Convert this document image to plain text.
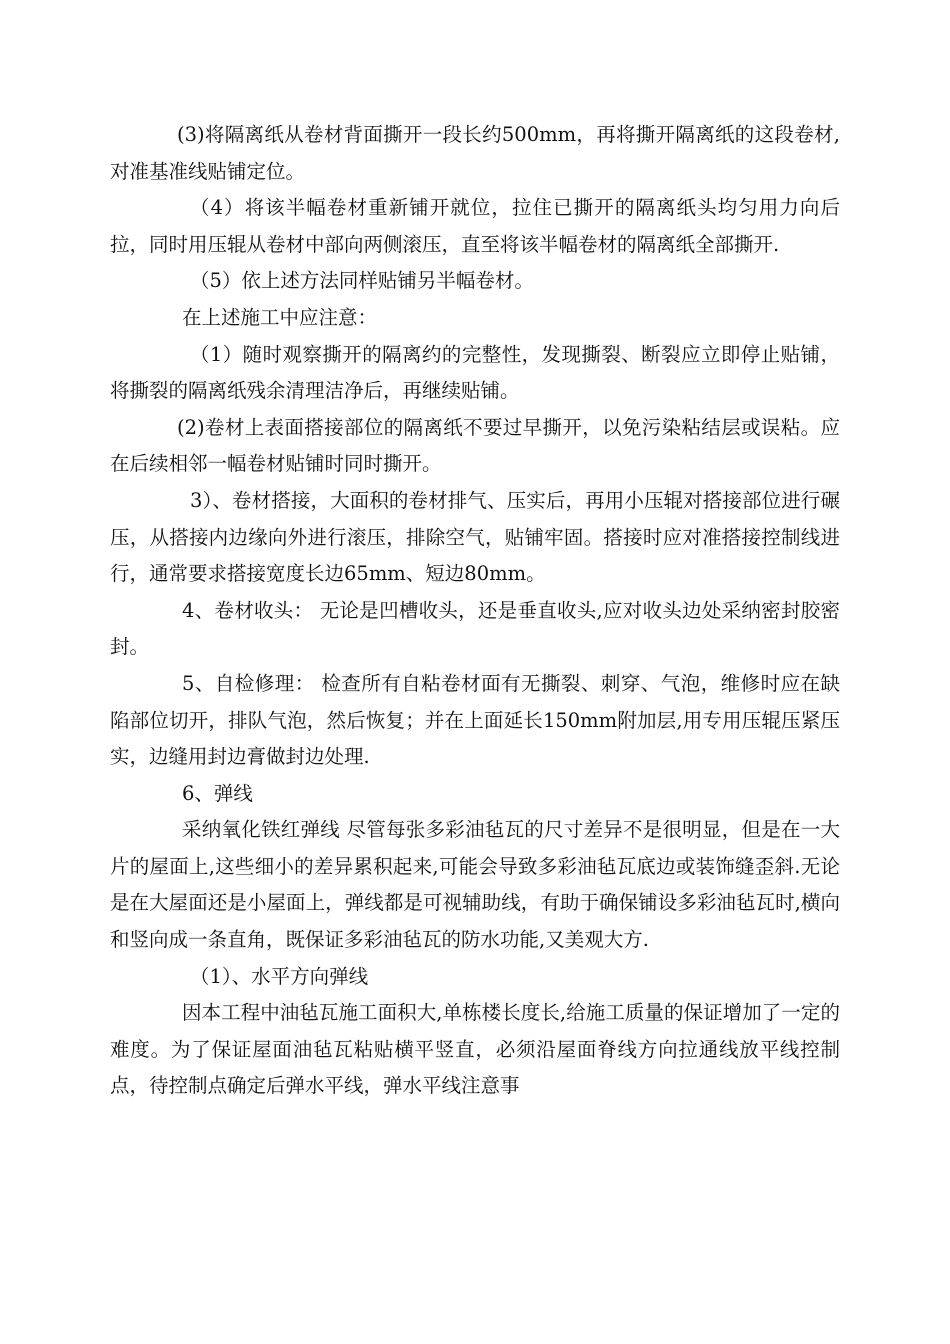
(3)将隔离纸从卷材背面撕开一段长约500mm，再将撕开隔离纸的这段卷材,对准基准线贴铺定位。

（4）将该半幅卷材重新铺开就位，拉住已撕开的隔离纸头均匀用力向后拉，同时用压辊从卷材中部向两侧滚压，直至将该半幅卷材的隔离纸全部撕开.

（5）依上述方法同样贴铺另半幅卷材。

在上述施工中应注意：

（1）随时观察撕开的隔离约的完整性，发现撕裂、断裂应立即停止贴铺，将撕裂的隔离纸残余清理洁净后，再继续贴铺。

(2)卷材上表面搭接部位的隔离纸不要过早撕开，以免污染粘结层或误粘。应在后续相邻一幅卷材贴铺时同时撕开。

3）、卷材搭接，大面积的卷材排气、压实后，再用小压辊对搭接部位进行碾压，从搭接内边缘向外进行滚压，排除空气，贴铺牢固。搭接时应对准搭接控制线进行，通常要求搭接宽度长边65mm、短边80mm。

4、卷材收头： 无论是凹槽收头，还是垂直收头,应对收头边处采纳密封胶密封。

5、自检修理： 检查所有自粘卷材面有无撕裂、刺穿、气泡，维修时应在缺陷部位切开，排队气泡，然后恢复；并在上面延长150mm附加层,用专用压辊压紧压实，边缝用封边膏做封边处理.

6、弹线

采纳氧化铁红弹线 尽管每张多彩油毡瓦的尺寸差异不是很明显，但是在一大片的屋面上,这些细小的差异累积起来,可能会导致多彩油毡瓦底边或装饰缝歪斜.无论是在大屋面还是小屋面上，弹线都是可视辅助线，有助于确保铺设多彩油毡瓦时,横向和竖向成一条直角，既保证多彩油毡瓦的防水功能,又美观大方.

（1）、水平方向弹线

因本工程中油毡瓦施工面积大,单栋楼长度长,给施工质量的保证增加了一定的难度。为了保证屋面油毡瓦粘贴横平竖直，必须沿屋面脊线方向拉通线放平线控制点，待控制点确定后弹水平线，弹水平线注意事
